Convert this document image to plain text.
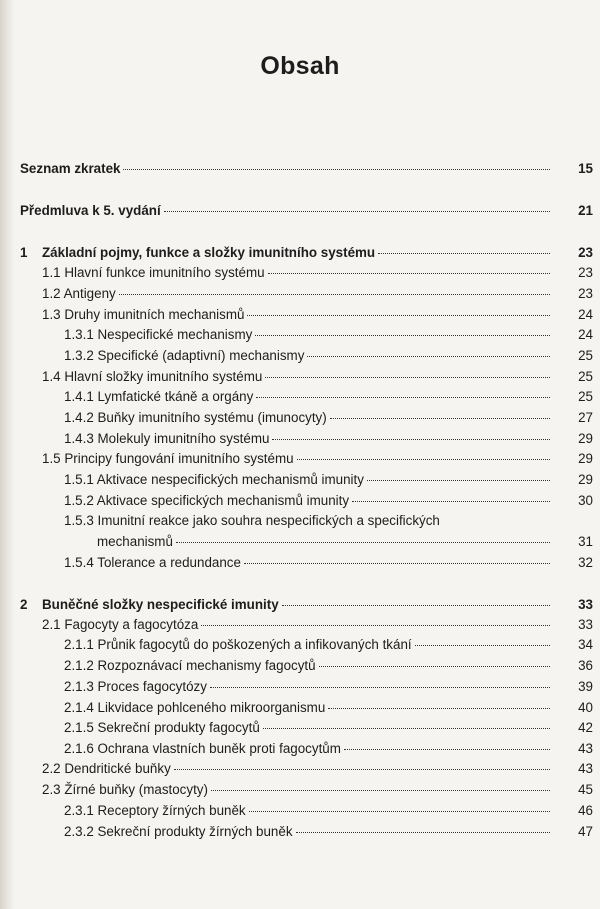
Obsah
Seznam zkratek	15
Předmluva k 5. vydání	21
1 Základní pojmy, funkce a složky imunitního systému	23
1.1 Hlavní funkce imunitního systému	23
1.2 Antigeny	23
1.3 Druhy imunitních mechanismů	24
1.3.1 Nespecifické mechanismy	24
1.3.2 Specifické (adaptivní) mechanismy	25
1.4 Hlavní složky imunitního systému	25
1.4.1 Lymfatické tkáně a orgány	25
1.4.2 Buňky imunitního systému (imunocyty)	27
1.4.3 Molekuly imunitního systému	29
1.5 Principy fungování imunitního systému	29
1.5.1 Aktivace nespecifických mechanismů imunity	29
1.5.2 Aktivace specifických mechanismů imunity	30
1.5.3 Imunitní reakce jako souhra nespecifických a specifických
mechanismů	31
1.5.4 Tolerance a redundance	32
2 Buněčné složky nespecifické imunity	33
2.1 Fagocyty a fagocytóza	33
2.1.1 Průnik fagocytů do poškozených a infikovaných tkání	34
2.1.2 Rozpoznávací mechanismy fagocytů	36
2.1.3 Proces fagocytózy	39
2.1.4 Likvidace pohlceného mikroorganismu	40
2.1.5 Sekreční produkty fagocytů	42
2.1.6 Ochrana vlastních buněk proti fagocytům	43
2.2 Dendritické buňky	43
2.3 Žírné buňky (mastocyty)	45
2.3.1 Receptory žírných buněk	46
2.3.2 Sekreční produkty žírných buněk	47
